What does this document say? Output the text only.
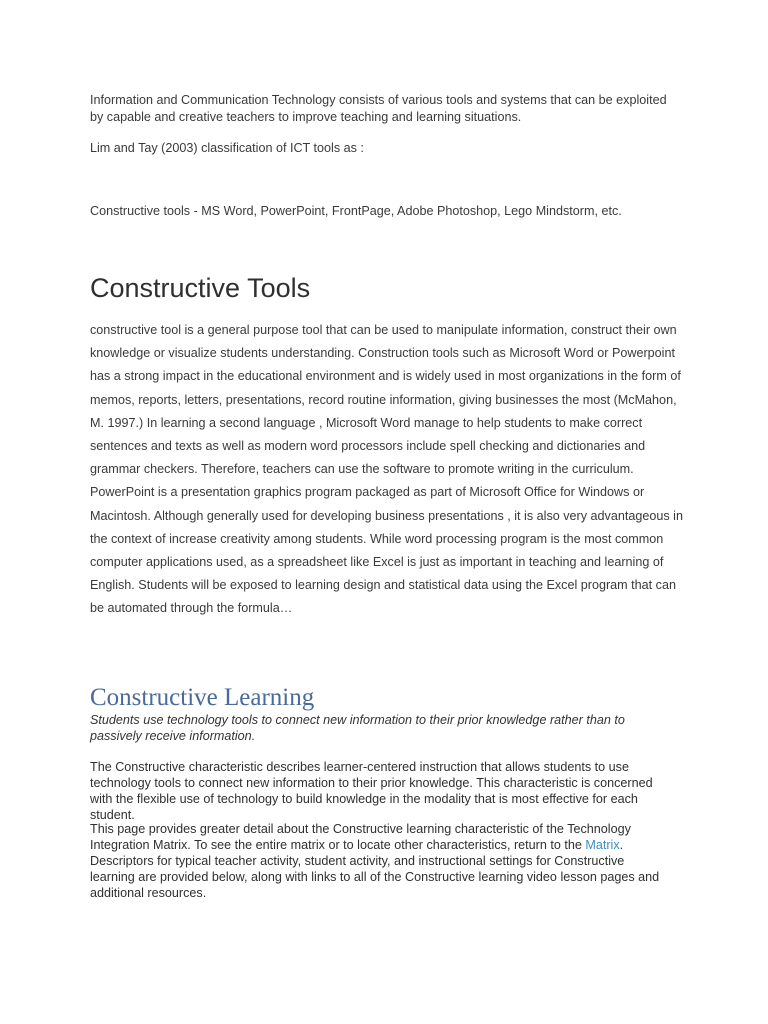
Information and Communication Technology consists of various tools and systems that can be exploited by capable and creative teachers to improve teaching and learning situations.

Lim and Tay (2003) classification of ICT tools as :

Constructive tools - MS Word, PowerPoint, FrontPage, Adobe Photoshop, Lego Mindstorm, etc.

Constructive Tools

constructive tool is a general purpose tool that can be used to manipulate information, construct their own knowledge or visualize students understanding. Construction tools such as Microsoft Word or Powerpoint has a strong impact in the educational environment and is widely used in most organizations in the form of memos, reports, letters, presentations, record routine information, giving businesses the most (McMahon, M. 1997.) In learning a second language , Microsoft Word manage to help students to make correct sentences and texts as well as modern word processors include spell checking and dictionaries and grammar checkers. Therefore, teachers can use the software to promote writing in the curriculum. PowerPoint is a presentation graphics program packaged as part of Microsoft Office for Windows or Macintosh. Although generally used for developing business presentations , it is also very advantageous in the context of increase creativity among students. While word processing program is the most common computer applications used, as a spreadsheet like Excel is just as important in teaching and learning of English. Students will be exposed to learning design and statistical data using the Excel program that can be automated through the formula…

Constructive Learning

Students use technology tools to connect new information to their prior knowledge rather than to passively receive information.

The Constructive characteristic describes learner-centered instruction that allows students to use technology tools to connect new information to their prior knowledge. This characteristic is concerned with the flexible use of technology to build knowledge in the modality that is most effective for each student.

This page provides greater detail about the Constructive learning characteristic of the Technology Integration Matrix. To see the entire matrix or to locate other characteristics, return to the Matrix. Descriptors for typical teacher activity, student activity, and instructional settings for Constructive learning are provided below, along with links to all of the Constructive learning video lesson pages and additional resources.
